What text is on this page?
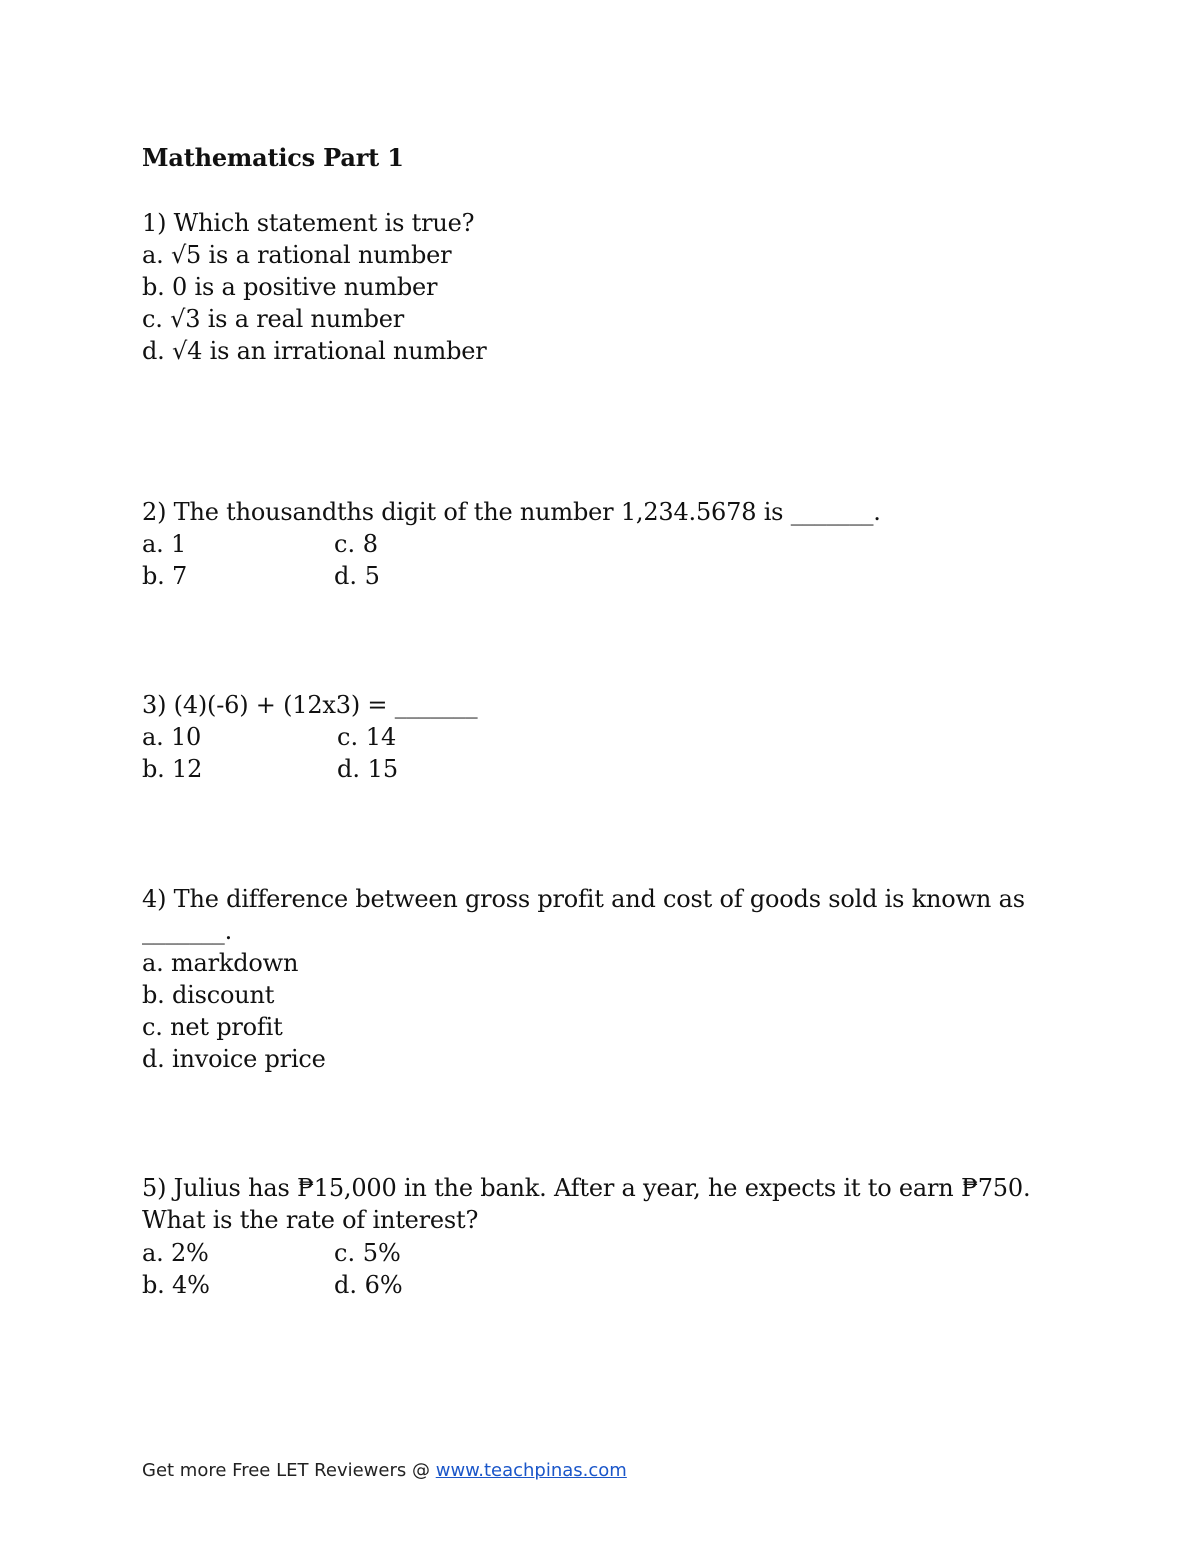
Mathematics Part 1
1) Which statement is true?
a. √5 is a rational number
b. 0 is a positive number
c. √3 is a real number
d. √4 is an irrational number
2) The thousandths digit of the number 1,234.5678 is _______.
a. 1	c. 8
b. 7	d. 5
3) (4)(-6) + (12x3) = _______
a. 10	c. 14
b. 12	d. 15
4) The difference between gross profit and cost of goods sold is known as
_______.
a. markdown
b. discount
c. net profit
d. invoice price
5) Julius has ₱15,000 in the bank. After a year, he expects it to earn ₱750.
What is the rate of interest?
a. 2%	c. 5%
b. 4%	d. 6%
Get more Free LET Reviewers @ www.teachpinas.com
